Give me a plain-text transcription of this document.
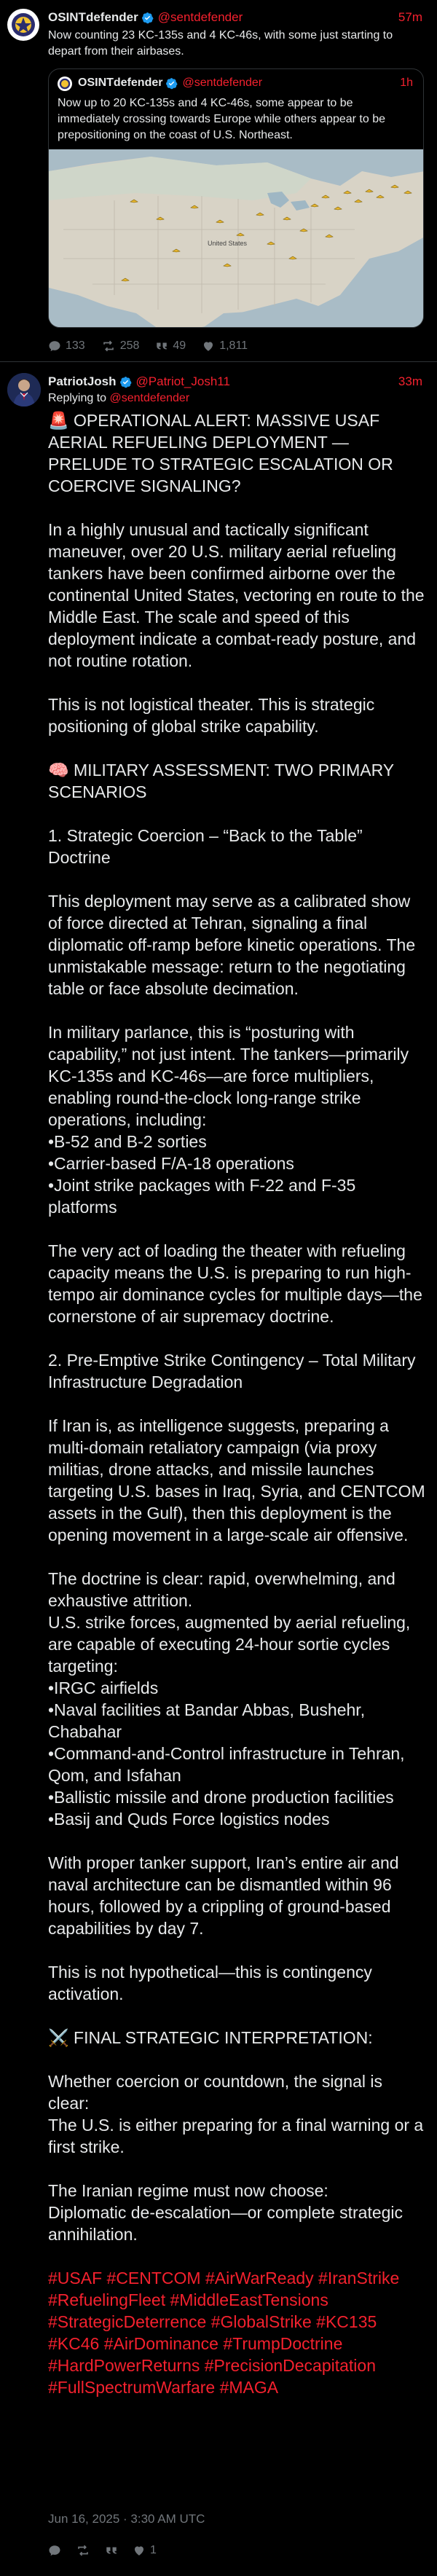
OSINTdefender @sentdefender	57m
Now counting 23 KC-135s and 4 KC-46s, with some just starting to depart from their airbases.
OSINTdefender @sentdefender	1h
Now up to 20 KC-135s and 4 KC-46s, some appear to be immediately crossing towards Europe while others appear to be prepositioning on the coast of U.S. Northeast.
United States
133	258	49	1,811
PatriotJosh @Patriot_Josh11	33m
Replying to @sentdefender
🚨 OPERATIONAL ALERT: MASSIVE USAF AERIAL REFUELING DEPLOYMENT — PRELUDE TO STRATEGIC ESCALATION OR COERCIVE SIGNALING?
In a highly unusual and tactically significant maneuver, over 20 U.S. military aerial refueling tankers have been confirmed airborne over the continental United States, vectoring en route to the Middle East. The scale and speed of this deployment indicate a combat-ready posture, and not routine rotation.
This is not logistical theater. This is strategic positioning of global strike capability.
🧠 MILITARY ASSESSMENT: TWO PRIMARY SCENARIOS
1. Strategic Coercion – “Back to the Table” Doctrine
This deployment may serve as a calibrated show of force directed at Tehran, signaling a final diplomatic off-ramp before kinetic operations. The unmistakable message: return to the negotiating table or face absolute decimation.
In military parlance, this is “posturing with capability,” not just intent. The tankers—primarily KC-135s and KC-46s—are force multipliers, enabling round-the-clock long-range strike operations, including:
•B-52 and B-2 sorties
•Carrier-based F/A-18 operations
•Joint strike packages with F-22 and F-35 platforms
The very act of loading the theater with refueling capacity means the U.S. is preparing to run high-tempo air dominance cycles for multiple days—the cornerstone of air supremacy doctrine.
2. Pre-Emptive Strike Contingency – Total Military Infrastructure Degradation
If Iran is, as intelligence suggests, preparing a multi-domain retaliatory campaign (via proxy militias, drone attacks, and missile launches targeting U.S. bases in Iraq, Syria, and CENTCOM assets in the Gulf), then this deployment is the opening movement in a large-scale air offensive.
The doctrine is clear: rapid, overwhelming, and exhaustive attrition.
U.S. strike forces, augmented by aerial refueling, are capable of executing 24-hour sortie cycles targeting:
•IRGC airfields
•Naval facilities at Bandar Abbas, Bushehr, Chabahar
•Command-and-Control infrastructure in Tehran, Qom, and Isfahan
•Ballistic missile and drone production facilities
•Basij and Quds Force logistics nodes
With proper tanker support, Iran’s entire air and naval architecture can be dismantled within 96 hours, followed by a crippling of ground-based capabilities by day 7.
This is not hypothetical—this is contingency activation.
⚔️ FINAL STRATEGIC INTERPRETATION:
Whether coercion or countdown, the signal is clear:
The U.S. is either preparing for a final warning or a first strike.
The Iranian regime must now choose:
Diplomatic de-escalation—or complete strategic annihilation.
#USAF #CENTCOM #AirWarReady #IranStrike #RefuelingFleet #MiddleEastTensions #StrategicDeterrence #GlobalStrike #KC135 #KC46 #AirDominance #TrumpDoctrine #HardPowerReturns #PrecisionDecapitation #FullSpectrumWarfare #MAGA
Jun 16, 2025 · 3:30 AM UTC
1
